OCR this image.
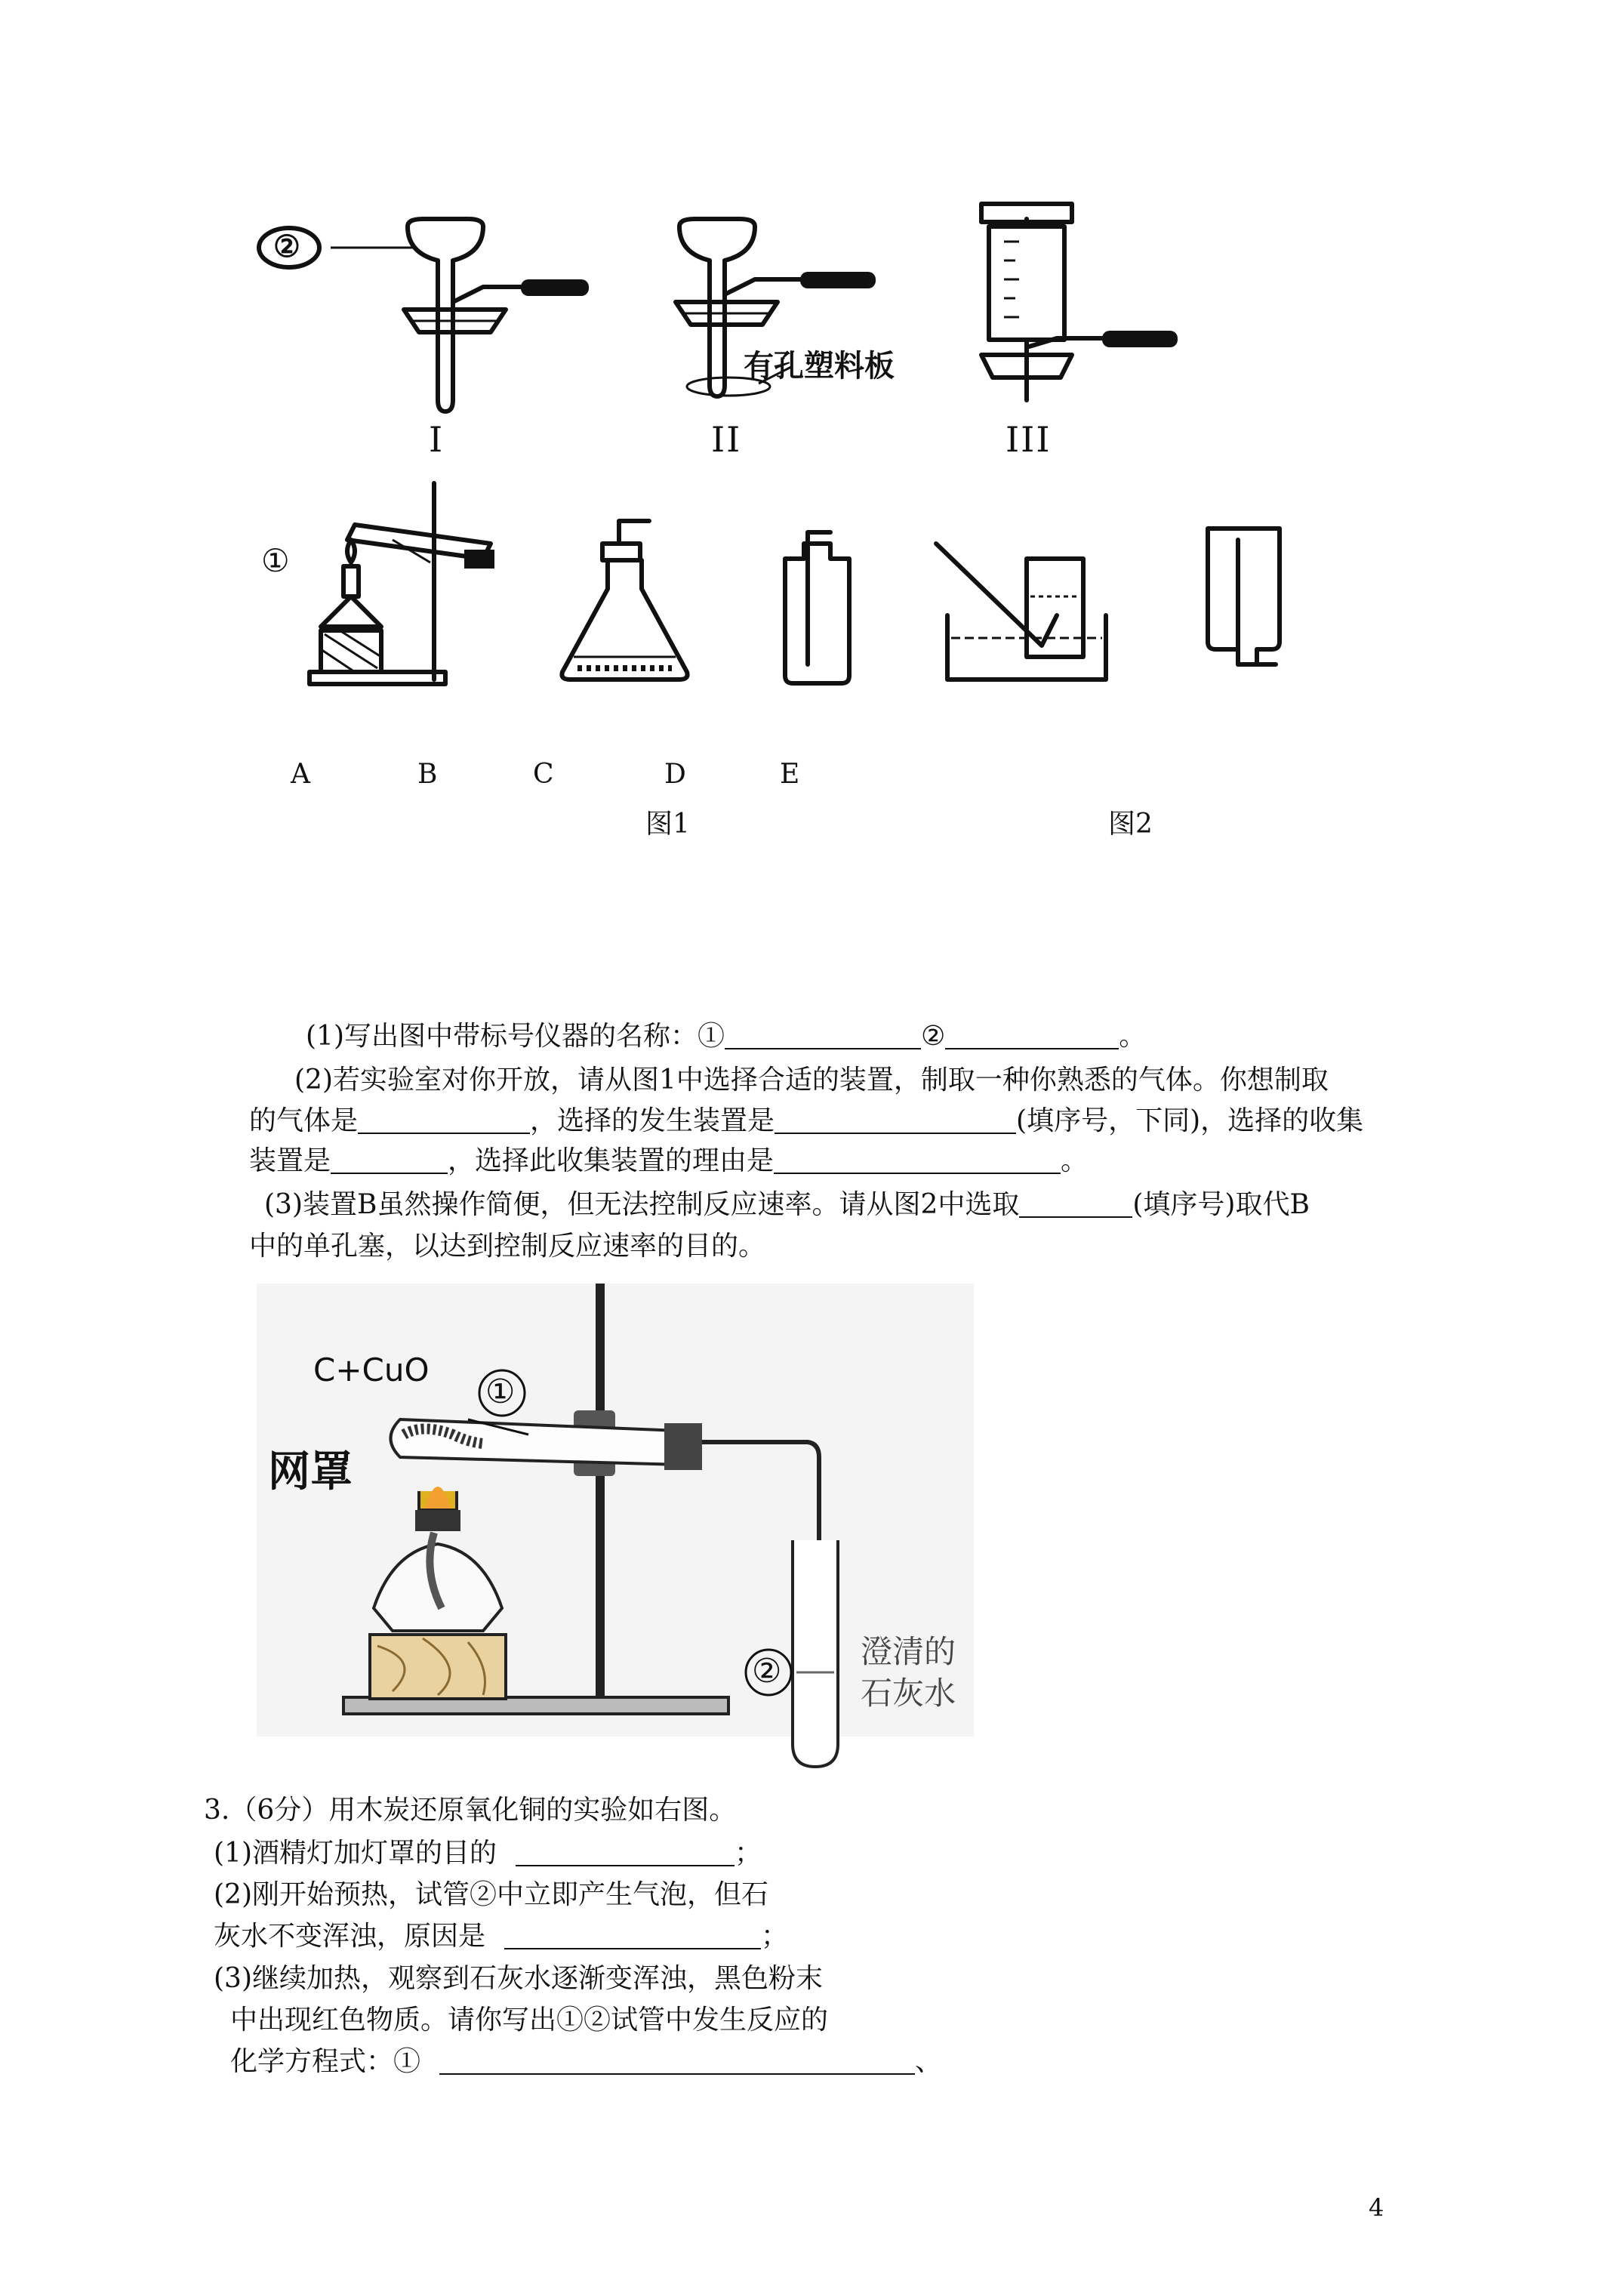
②
I	II	III
有孔塑料板
①
A	B	C	D	E
图1	图2
(1)写出图中带标号仪器的名称：①	②	。
(2)若实验室对你开放，请从图1中选择合适的装置，制取一种你熟悉的气体。你想制取
的气体是	，选择的发生装置是	(填序号，下同)，选择的收集
装置是	，选择此收集装置的理由是	。
(3)装置B虽然操作简便，但无法控制反应速率。请从图2中选取	(填序号)取代B
中的单孔塞，以达到控制反应速率的目的。
C+CuO
①
网罩
②
澄清的
石灰水
3.（6分）用木炭还原氧化铜的实验如右图。
(1)酒精灯加灯罩的目的	；
(2)刚开始预热，试管②中立即产生气泡，但石
灰水不变浑浊，原因是	；
(3)继续加热，观察到石灰水逐渐变浑浊，黑色粉末
中出现红色物质。请你写出①②试管中发生反应的
化学方程式：①	、
4
